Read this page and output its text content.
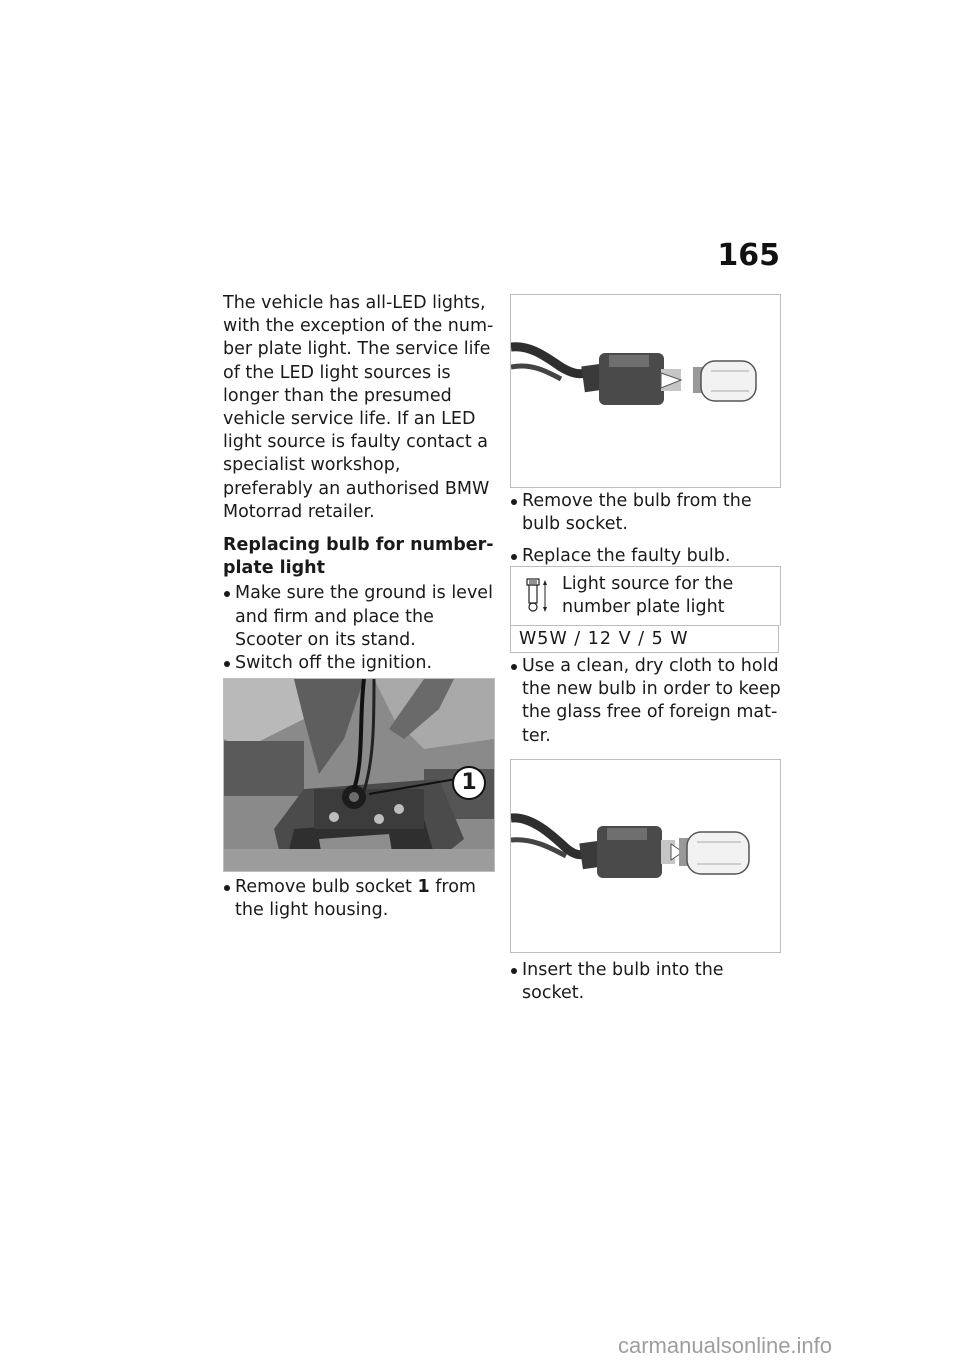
165

The vehicle has all-LED lights, with the exception of the num-ber plate light. The service life of the LED light sources is longer than the presumed vehicle service life. If an LED light source is faulty contact a specialist workshop, preferably an authorised BMW Motorrad retailer.

Replacing bulb for number-plate light

Make sure the ground is level and firm and place the Scooter on its stand.

Switch off the ignition.

1

Remove bulb socket 1 from the light housing.

Remove the bulb from the bulb socket.

Replace the faulty bulb.

Light source for the number plate light
W5W / 12 V / 5 W

Use a clean, dry cloth to hold the new bulb in order to keep the glass free of foreign mat-ter.

Insert the bulb into the socket.

carmanualsonline.info
